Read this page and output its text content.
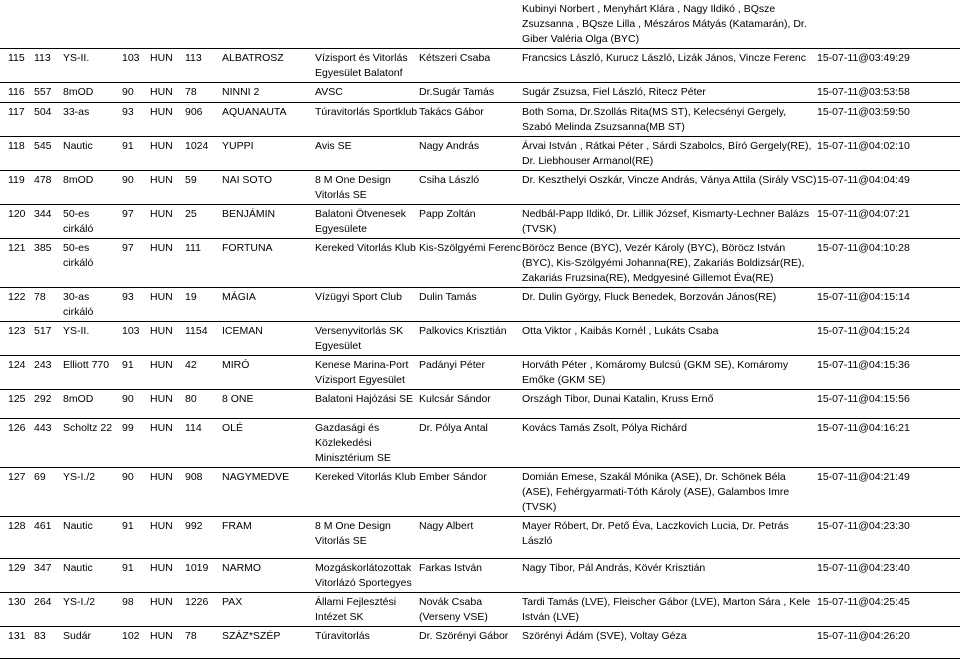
									Kubinyi Norbert , Menyhárt Klára , Nagy Ildikó , BQsze Zsuzsanna , BQsze Lilla , Mészáros Mátyás (Katamarán), Dr. Giber Valéria Olga (BYC)	
115	113	YS-II.	103	HUN	113	ALBATROSZ	Vízisport és Vitorlás Egyesület Balatonf	Kétszeri Csaba	Francsics László, Kurucz László, Lizák János, Vincze Ferenc	15-07-11@03:49:29
116	557	8mOD	90	HUN	78	NINNI 2	AVSC	Dr.Sugár Tamás	Sugár Zsuzsa, Fiel László, Ritecz Péter	15-07-11@03:53:58
117	504	33-as	93	HUN	906	AQUANAUTA	Túravitorlás Sportklub	Takács Gábor	Both Soma, Dr.Szollás Rita(MS ST), Kelecsényi Gergely, Szabó Melinda Zsuzsanna(MB ST)	15-07-11@03:59:50
118	545	Nautic	91	HUN	1024	YUPPI	Avis SE	Nagy András	Árvai István , Rátkai Péter , Sárdi Szabolcs, Bíró Gergely(RE), Dr. Liebhouser Armanol(RE)	15-07-11@04:02:10
119	478	8mOD	90	HUN	59	NAI SOTO	8 M One Design Vitorlás SE	Csiha László	Dr. Keszthelyi Oszkár, Vincze András, Ványa Attila (Sirály VSC)	15-07-11@04:04:49
120	344	50-es cirkáló	97	HUN	25	BENJÁMIN	Balatoni Ötvenesek Egyesülete	Papp Zoltán	Nedbál-Papp Ildikó, Dr. Lillik József, Kismarty-Lechner Balázs (TVSK)	15-07-11@04:07:21
121	385	50-es cirkáló	97	HUN	111	FORTUNA	Kereked Vitorlás Klub	Kis-Szölgyémi Ferenc	Böröcz Bence (BYC), Vezér Károly (BYC), Böröcz István (BYC), Kis-Szölgyémi Johanna(RE), Zakariás Boldizsár(RE), Zakariás Fruzsina(RE), Medgyesiné Gillemot Éva(RE)	15-07-11@04:10:28
122	78	30-as cirkáló	93	HUN	19	MÁGIA	Vízügyi Sport Club	Dulin Tamás	Dr. Dulin György, Fluck Benedek, Borzován János(RE)	15-07-11@04:15:14
123	517	YS-II.	103	HUN	1154	ICEMAN	Versenyvitorlás SK Egyesület	Palkovics Krisztián	Otta Viktor , Kaibás Kornél , Lukáts Csaba	15-07-11@04:15:24
124	243	Elliott 770	91	HUN	42	MIRÓ	Kenese Marina-Port Vízisport Egyesület	Padányi Péter	Horváth Péter , Komáromy Bulcsú (GKM SE), Komáromy Emőke (GKM SE)	15-07-11@04:15:36
125	292	8mOD	90	HUN	80	8 ONE	Balatoni Hajózási SE	Kulcsár Sándor	Országh Tibor, Dunai Katalin, Kruss Ernő	15-07-11@04:15:56
126	443	Scholtz 22	99	HUN	114	OLÉ	Gazdasági és Közlekedési Minisztérium SE	Dr. Pólya Antal	Kovács Tamás Zsolt, Pólya Richárd	15-07-11@04:16:21
127	69	YS-I./2	90	HUN	908	NAGYMEDVE	Kereked Vitorlás Klub	Ember Sándor	Domián Emese, Szakál Mónika (ASE), Dr. Schönek Béla (ASE), Fehérgyarmati-Tóth Károly (ASE), Galambos Imre (TVSK)	15-07-11@04:21:49
128	461	Nautic	91	HUN	992	FRAM	8 M One Design Vitorlás SE	Nagy Albert	Mayer Róbert, Dr. Pető Éva, Laczkovich Lucia, Dr. Petrás László	15-07-11@04:23:30
129	347	Nautic	91	HUN	1019	NARMO	Mozgáskorlátozottak Vitorlázó Sportegyes	Farkas István	Nagy Tibor, Pál András, Kövér Krisztián	15-07-11@04:23:40
130	264	YS-I./2	98	HUN	1226	PAX	Állami Fejlesztési Intézet SK	Novák Csaba (Verseny VSE)	Tardi Tamás (LVE), Fleischer Gábor (LVE), Marton Sára , Kele István (LVE)	15-07-11@04:25:45
131	83	Sudár	102	HUN	78	SZÁZ*SZÉP	Túravitorlás	Dr. Szörényi Gábor	Szörényi Ádám (SVE), Voltay Géza	15-07-11@04:26:20
